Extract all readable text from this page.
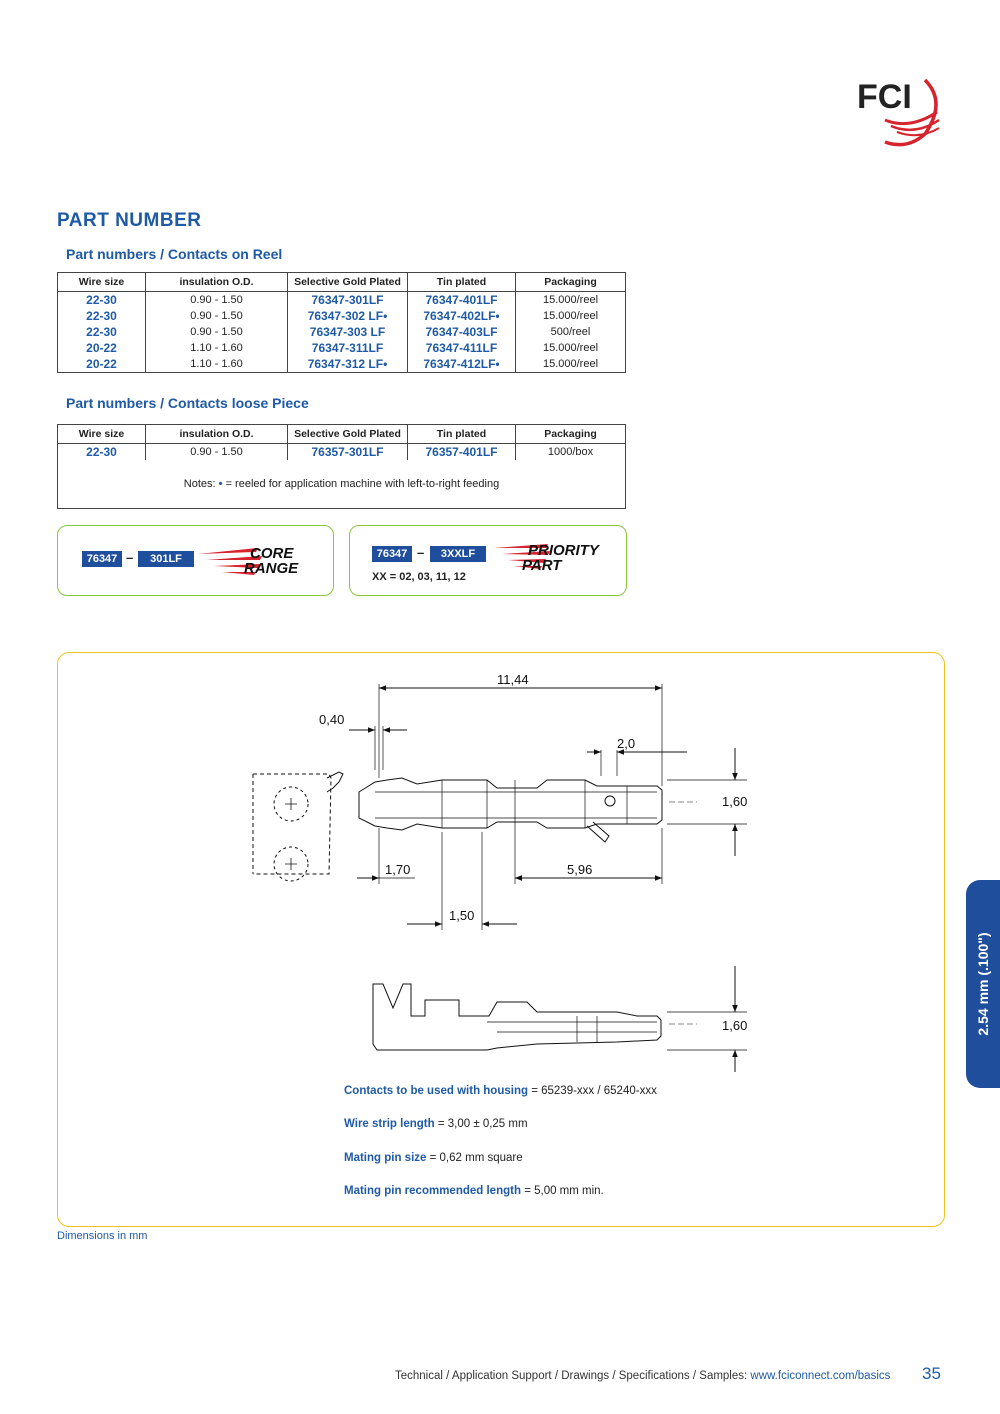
FCI
PART NUMBER
Part numbers / Contacts on Reel
Wire size	insulation O.D.	Selective Gold Plated	Tin plated	Packaging
22-30	0.90 - 1.50	76347-301LF	76347-401LF	15.000/reel
22-30	0.90 - 1.50	76347-302 LF•	76347-402LF•	15.000/reel
22-30	0.90 - 1.50	76347-303 LF	76347-403LF	500/reel
20-22	1.10 - 1.60	76347-311LF	76347-411LF	15.000/reel
20-22	1.10 - 1.60	76347-312 LF•	76347-412LF•	15.000/reel
Part numbers / Contacts loose Piece
Wire size	insulation O.D.	Selective Gold Plated	Tin plated	Packaging
22-30	0.90 - 1.50	76357-301LF	76357-401LF	1000/box
Notes: • = reeled for application machine with left-to-right feeding				
76347 –	301LF	CORE
RANGE
76347 –	3XXLF	PRIORITY
PART
XX = 02, 03, 11, 12
11,44
0,40
2,0
1,60
1,70	5,96
1,50
1,60
Contacts to be used with housing = 65239-xxx / 65240-xxx
Wire strip length = 3,00 ± 0,25 mm
Mating pin size = 0,62 mm square
Mating pin recommended length = 5,00 mm min.
2.54 mm (.100")
Dimensions in mm
Technical / Application Support / Drawings / Specifications / Samples: www.fciconnect.com/basics 35
